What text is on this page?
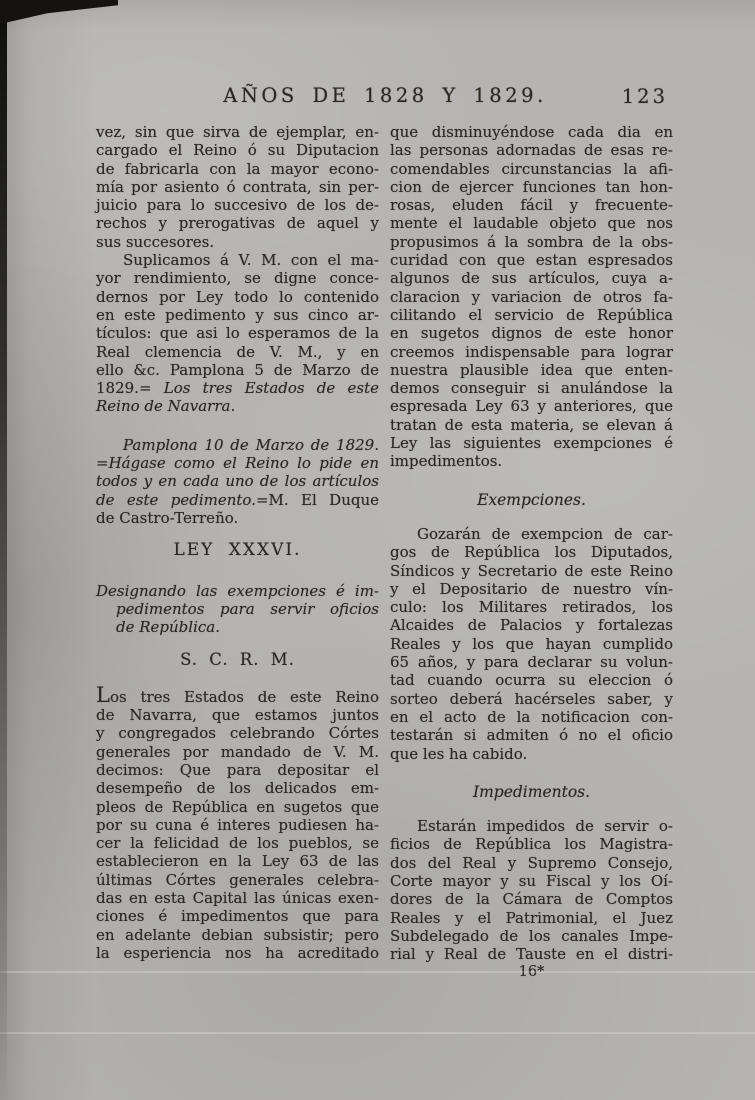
AÑOS DE 1828 Y 1829.	123
vez, sin que sirva de ejemplar, en-
cargado el Reino ó su Diputacion
de fabricarla con la mayor econo-
mía por asiento ó contrata, sin per-
juicio para lo succesivo de los de-
rechos y prerogativas de aquel y
sus succesores.
Suplicamos á V. M. con el ma-
yor rendimiento, se digne conce-
dernos por Ley todo lo contenido
en este pedimento y sus cinco ar-
tículos: que asi lo esperamos de la
Real clemencia de V. M., y en
ello &c. Pamplona 5 de Marzo de
1829.= Los tres Estados de este
Reino de Navarra.
Pamplona 10 de Marzo de 1829.
=Hágase como el Reino lo pide en
todos y en cada uno de los artículos
de este pedimento.=M. El Duque
de Castro-Terreño.
LEY XXXVI.
Designando las exempciones é im-
pedimentos para servir oficios
de República.
S. C. R. M.
Los tres Estados de este Reino
de Navarra, que estamos juntos
y congregados celebrando Córtes
generales por mandado de V. M.
decimos: Que para depositar el
desempeño de los delicados em-
pleos de República en sugetos que
por su cuna é interes pudiesen ha-
cer la felicidad de los pueblos, se
establecieron en la Ley 63 de las
últimas Córtes generales celebra-
das en esta Capital las únicas exen-
ciones é impedimentos que para
en adelante debian subsistir; pero
la esperiencia nos ha acreditado
que disminuyéndose cada dia en
las personas adornadas de esas re-
comendables circunstancias la afi-
cion de ejercer funciones tan hon-
rosas, eluden fácil y frecuente-
mente el laudable objeto que nos
propusimos á la sombra de la obs-
curidad con que estan espresados
algunos de sus artículos, cuya a-
claracion y variacion de otros fa-
cilitando el servicio de República
en sugetos dignos de este honor
creemos indispensable para lograr
nuestra plausible idea que enten-
demos conseguir si anulándose la
espresada Ley 63 y anteriores, que
tratan de esta materia, se elevan á
Ley las siguientes exempciones é
impedimentos.
Exempciones.
Gozarán de exempcion de car-
gos de República los Diputados,
Síndicos y Secretario de este Reino
y el Depositario de nuestro vín-
culo: los Militares retirados, los
Alcaides de Palacios y fortalezas
Reales y los que hayan cumplido
65 años, y para declarar su volun-
tad cuando ocurra su eleccion ó
sorteo deberá hacérseles saber, y
en el acto de la notificacion con-
testarán si admiten ó no el oficio
que les ha cabido.
Impedimentos.
Estarán impedidos de servir o-
ficios de República los Magistra-
dos del Real y Supremo Consejo,
Corte mayor y su Fiscal y los Oí-
dores de la Cámara de Comptos
Reales y el Patrimonial, el Juez
Subdelegado de los canales Impe-
rial y Real de Tauste en el distri-
16*
